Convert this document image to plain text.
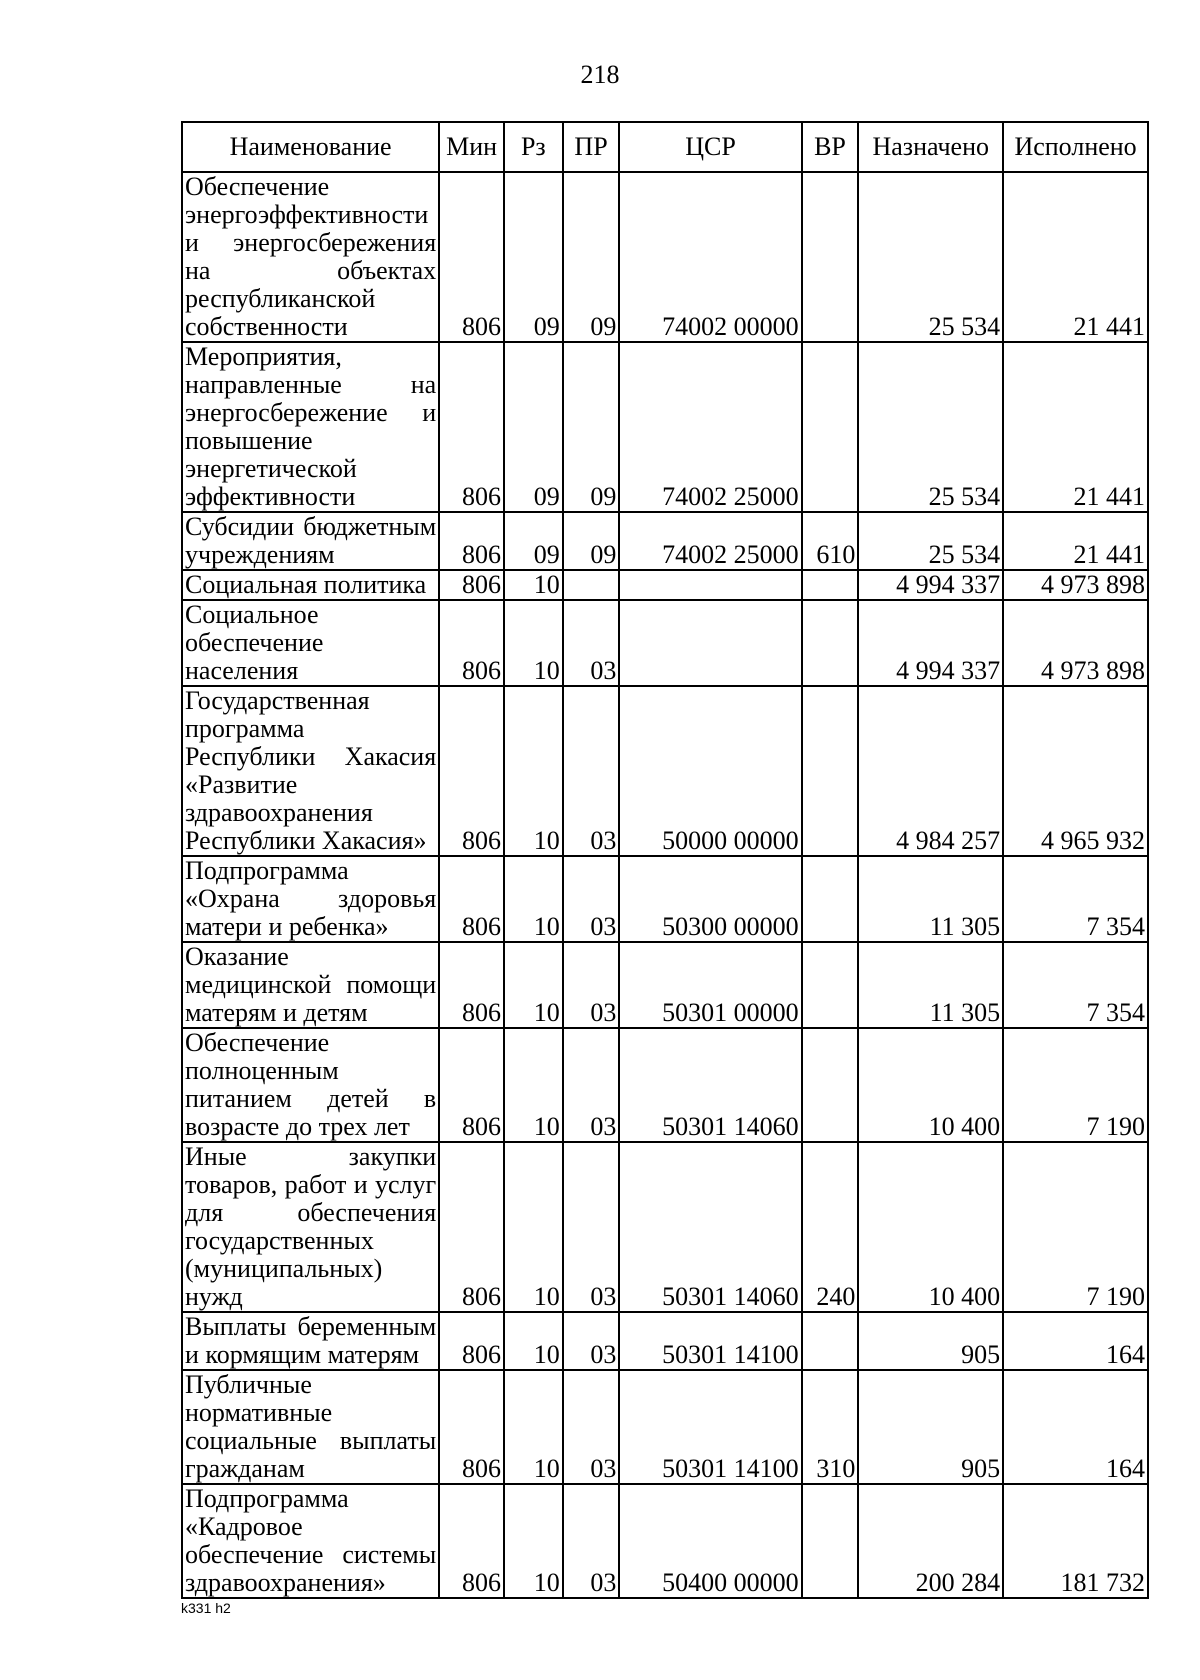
218
Наименование	Мин	Рз	ПР	ЦСР	ВР	Назначено	Исполнено
Обеспечение энергоэффективности и энергосбережения на объектах республиканской собственности	806	09	09	74002 00000		25 534	21 441
Мероприятия, направленные на энергосбережение и повышение энергетической эффективности	806	09	09	74002 25000		25 534	21 441
Субсидии бюджетным учреждениям	806	09	09	74002 25000	610	25 534	21 441
Социальная политика	806	10				4 994 337	4 973 898
Социальное обеспечение населения	806	10	03			4 994 337	4 973 898
Государственная программа Республики Хакасия «Развитие здравоохранения Республики Хакасия»	806	10	03	50000 00000		4 984 257	4 965 932
Подпрограмма «Охрана здоровья матери и ребенка»	806	10	03	50300 00000		11 305	7 354
Оказание медицинской помощи матерям и детям	806	10	03	50301 00000		11 305	7 354
Обеспечение полноценным питанием детей в возрасте до трех лет	806	10	03	50301 14060		10 400	7 190
Иные закупки товаров, работ и услуг для обеспечения государственных (муниципальных) нужд	806	10	03	50301 14060	240	10 400	7 190
Выплаты беременным и кормящим матерям	806	10	03	50301 14100		905	164
Публичные нормативные социальные выплаты гражданам	806	10	03	50301 14100	310	905	164
Подпрограмма «Кадровое обеспечение системы здравоохранения»	806	10	03	50400 00000		200 284	181 732
k331 h2
